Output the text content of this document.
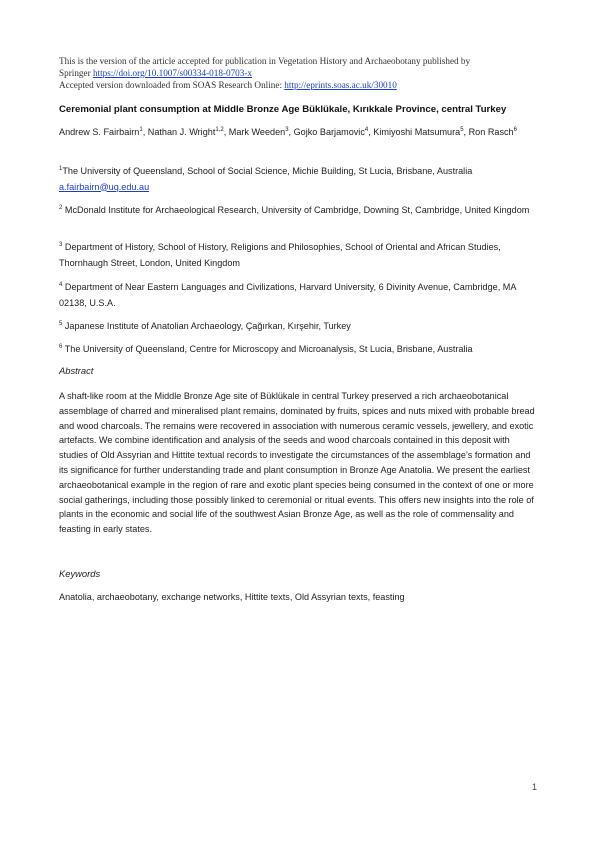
This is the version of the article accepted for publication in Vegetation History and Archaeobotany published by
Springer https://doi.org/10.1007/s00334-018-0703-x
Accepted version downloaded from SOAS Research Online: http://eprints.soas.ac.uk/30010
Ceremonial plant consumption at Middle Bronze Age Büklükale, Kırıkkale Province, central Turkey
Andrew S. Fairbairn$^1$, Nathan J. Wright$^{1,2}$, Mark Weeden$^3$, Gojko Barjamovic$^4$, Kimiyoshi Matsumura$^5$, Ron Rasch$^6$
$^1$The University of Queensland, School of Social Science, Michie Building, St Lucia, Brisbane, Australia
a.fairbairn@uq.edu.au
$^2$ McDonald Institute for Archaeological Research, University of Cambridge, Downing St, Cambridge, United Kingdom
$^3$ Department of History, School of History, Religions and Philosophies, School of Oriental and African Studies, Thornhaugh Street, London, United Kingdom
$^4$ Department of Near Eastern Languages and Civilizations, Harvard University, 6 Divinity Avenue, Cambridge, MA 02138, U.S.A.
$^5$ Japanese Institute of Anatolian Archaeology, Çağırkan, Kırşehir, Turkey
$^6$ The University of Queensland, Centre for Microscopy and Microanalysis, St Lucia, Brisbane, Australia
Abstract
A shaft-like room at the Middle Bronze Age site of Büklükale in central Turkey preserved a rich archaeobotanical assemblage of charred and mineralised plant remains, dominated by fruits, spices and nuts mixed with probable bread and wood charcoals. The remains were recovered in association with numerous ceramic vessels, jewellery, and exotic artefacts. We combine identification and analysis of the seeds and wood charcoals contained in this deposit with studies of Old Assyrian and Hittite textual records to investigate the circumstances of the assemblage’s formation and its significance for further understanding trade and plant consumption in Bronze Age Anatolia. We present the earliest archaeobotanical example in the region of rare and exotic plant species being consumed in the context of one or more social gatherings, including those possibly linked to ceremonial or ritual events. This offers new insights into the role of plants in the economic and social life of the southwest Asian Bronze Age, as well as the role of commensality and feasting in early states.
Keywords
Anatolia, archaeobotany, exchange networks, Hittite texts, Old Assyrian texts, feasting
1
